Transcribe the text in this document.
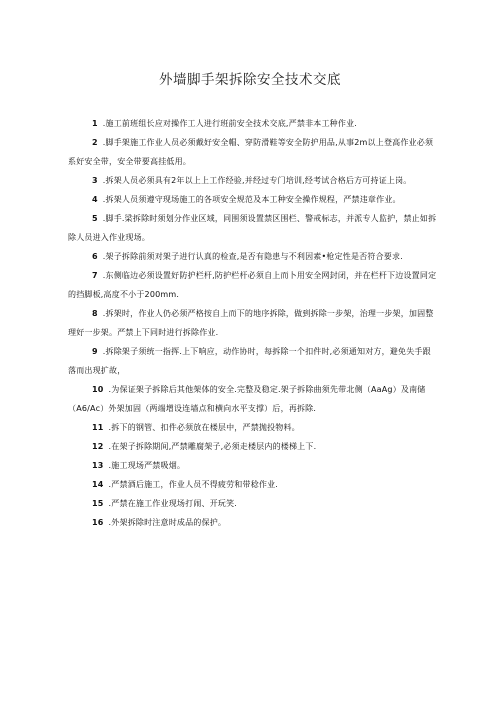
外墙脚手架拆除安全技术交底
1 .施工前班组长应对操作工人进行班前安全技术交底,严禁非本工种作业.
2 .脚手架施工作业人员必须戴好安全帽、穿防滑鞋等安全防护用品,从事2m以上登高作业必须系好安全带，安全带要高挂低用。
3 .拆架人员必须具有2年以上上工作经验,并经过专门培训,经考试合格后方可持证上岗。
4 .拆架人员须遵守现场施工的各项安全规范及本工种安全操作规程，严禁违章作业。
5 .脚手.梁拆除时须划分作业区域，同围须设置禁区围栏、警戒标志，并派专人监护，禁止如拆除人员进入作业现场。
6 .架子拆除前须对架子进行认真的检查,是否有隐患与不利因素•枪定性是否符合要求.
7 .东侧临边必须设置好防护栏杆,防护栏杆必须自上而卜用安全网封闭，并在栏杆下边设置同定的挡脚板,高度不小于200mm.
8 .拆架时，作业人仍必须严格按自上而下的地序拆除，做到拆除一步架，治理一步架，加固整理好一步架。严禁上下同时进行拆除作业.
9 .拆除架子须统一指挥.上下响应，动作协时，每拆除一个扣件时,必须通知对方，避免失手跟落而出现扩故，
10 .为保证架子拆除后其他架体的安全.完整及稳定.架子拆除曲须先带北侧（AaAg）及南储（A6/Ac）外架加固（两端增设连墙点和横向水平支撑）后，再拆除.
11 .拆下的钢管、扣件必须放在楼层中，严禁抛投物料。
12 .在架子拆除期间,严禁雕腐架子,必须走楼层内的楼梯上下.
13 .施工现场严禁吸烟。
14 .严禁酒后施工，作业人员不得疲劳和带稔作业.
15 .严禁在施工作业现场打闹、开玩笑.
16 .外架拆除时注意时成品的保护。
